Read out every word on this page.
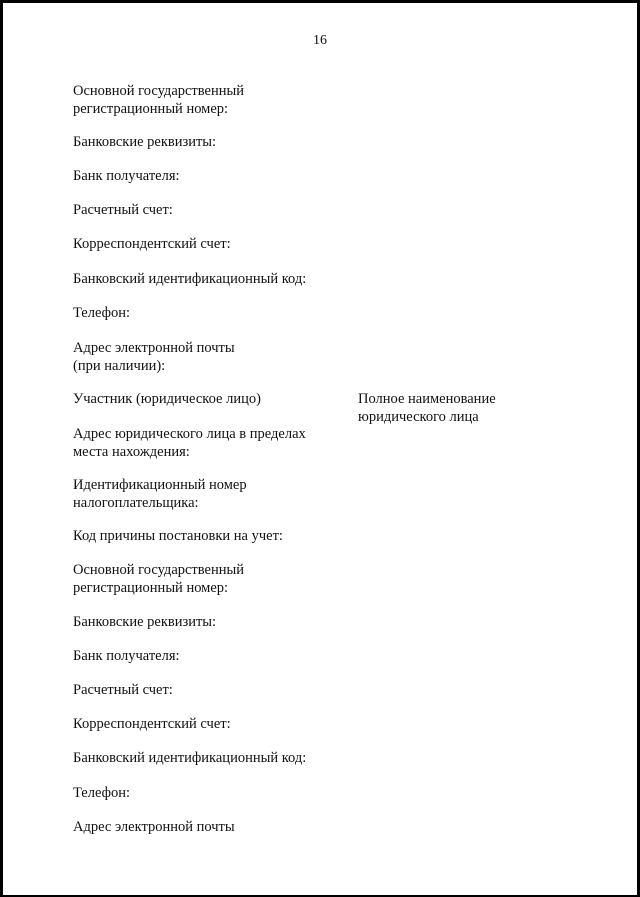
16
Основной государственный
регистрационный номер:
Банковские реквизиты:
Банк получателя:
Расчетный счет:
Корреспондентский счет:
Банковский идентификационный код:
Телефон:
Адрес электронной почты
(при наличии):
Участник (юридическое лицо)	Полное наименование
юридического лица
Адрес юридического лица в пределах
места нахождения:
Идентификационный номер
налогоплательщика:
Код причины постановки на учет:
Основной государственный
регистрационный номер:
Банковские реквизиты:
Банк получателя:
Расчетный счет:
Корреспондентский счет:
Банковский идентификационный код:
Телефон:
Адрес электронной почты
